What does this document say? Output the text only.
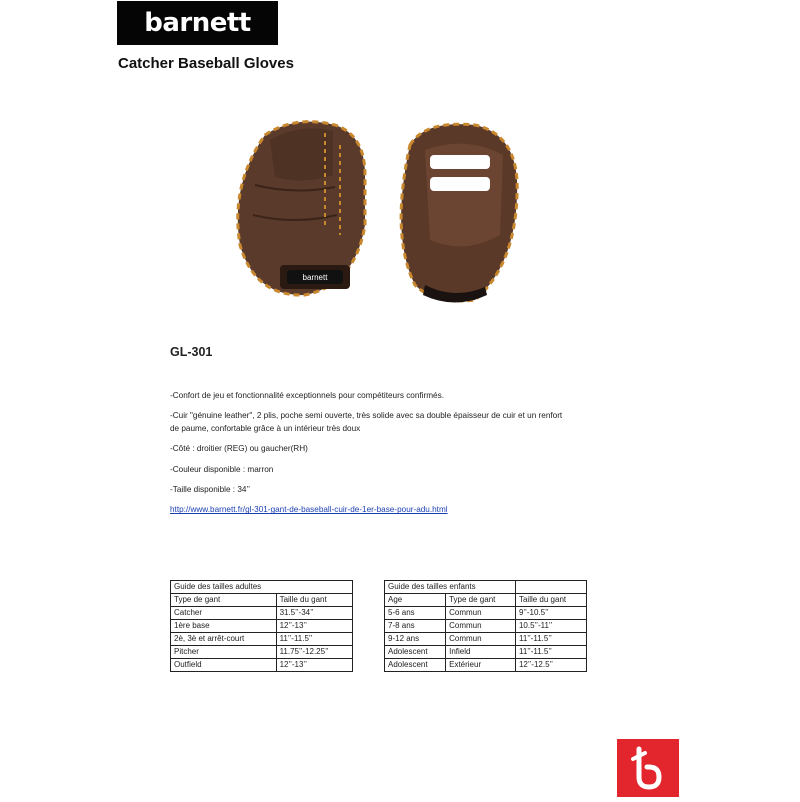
barnett
Catcher Baseball Gloves
barnett
GL-301

-Confort de jeu et fonctionnalité exceptionnels pour compétiteurs confirmés.

-Cuir "génuine leather", 2 plis, poche semi ouverte, très solide avec sa double épaisseur de cuir et un renfort de paume, confortable grâce à un intérieur très doux

-Côté : droitier (REG) ou gaucher(RH)

-Couleur disponible : marron

-Taille disponible : 34’’

http://www.barnett.fr/gl-301-gant-de-baseball-cuir-de-1er-base-pour-adu.html

Guide des tailles adultes	
Type de gant	Taille du gant
Catcher	31.5’’-34’’
1ère base	12’’-13’’
2è, 3è et arrêt-court	11’’-11.5’’
Pitcher	11.75’’-12.25’’
Outfield	12’’-13’’
Guide des tailles enfants		
Age	Type de gant	Taille du gant
5-6 ans	Commun	9’’-10.5’’
7-8 ans	Commun	10.5’’-11’’
9-12 ans	Commun	11’’-11.5’’
Adolescent	Infield	11’’-11.5’’
Adolescent	Extérieur	12’’-12.5’’
